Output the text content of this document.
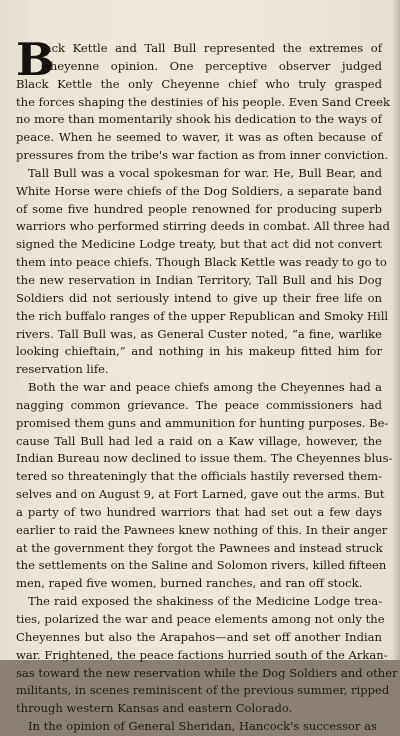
B
lack Kettle and Tall Bull represented the extremes of
Cheyenne opinion. One perceptive observer judged
Black Kettle the only Cheyenne chief who truly grasped
the forces shaping the destinies of his people. Even Sand Creek
no more than momentarily shook his dedication to the ways of
peace. When he seemed to waver, it was as often because of
pressures from the tribe's war faction as from inner conviction.
Tall Bull was a vocal spokesman for war. He, Bull Bear, and
White Horse were chiefs of the Dog Soldiers, a separate band
of some five hundred people renowned for producing superb
warriors who performed stirring deeds in combat. All three had
signed the Medicine Lodge treaty, but that act did not convert
them into peace chiefs. Though Black Kettle was ready to go to
the new reservation in Indian Territory, Tall Bull and his Dog
Soldiers did not seriously intend to give up their free life on
the rich buffalo ranges of the upper Republican and Smoky Hill
rivers. Tall Bull was, as General Custer noted, “a fine, warlike
looking chieftain,” and nothing in his makeup fitted him for
reservation life.
Both the war and peace chiefs among the Cheyennes had a
nagging common grievance. The peace commissioners had
promised them guns and ammunition for hunting purposes. Be-
cause Tall Bull had led a raid on a Kaw village, however, the
Indian Bureau now declined to issue them. The Cheyennes blus-
tered so threateningly that the officials hastily reversed them-
selves and on August 9, at Fort Larned, gave out the arms. But
a party of two hundred warriors that had set out a few days
earlier to raid the Pawnees knew nothing of this. In their anger
at the government they forgot the Pawnees and instead struck
the settlements on the Saline and Solomon rivers, killed fifteen
men, raped five women, burned ranches, and ran off stock.
The raid exposed the shakiness of the Medicine Lodge trea-
ties, polarized the war and peace elements among not only the
Cheyennes but also the Arapahos—and set off another Indian
war. Frightened, the peace factions hurried south of the Arkan-
sas toward the new reservation while the Dog Soldiers and other
militants, in scenes reminiscent of the previous summer, ripped
through western Kansas and eastern Colorado.
In the opinion of General Sheridan, Hancock's successor as
